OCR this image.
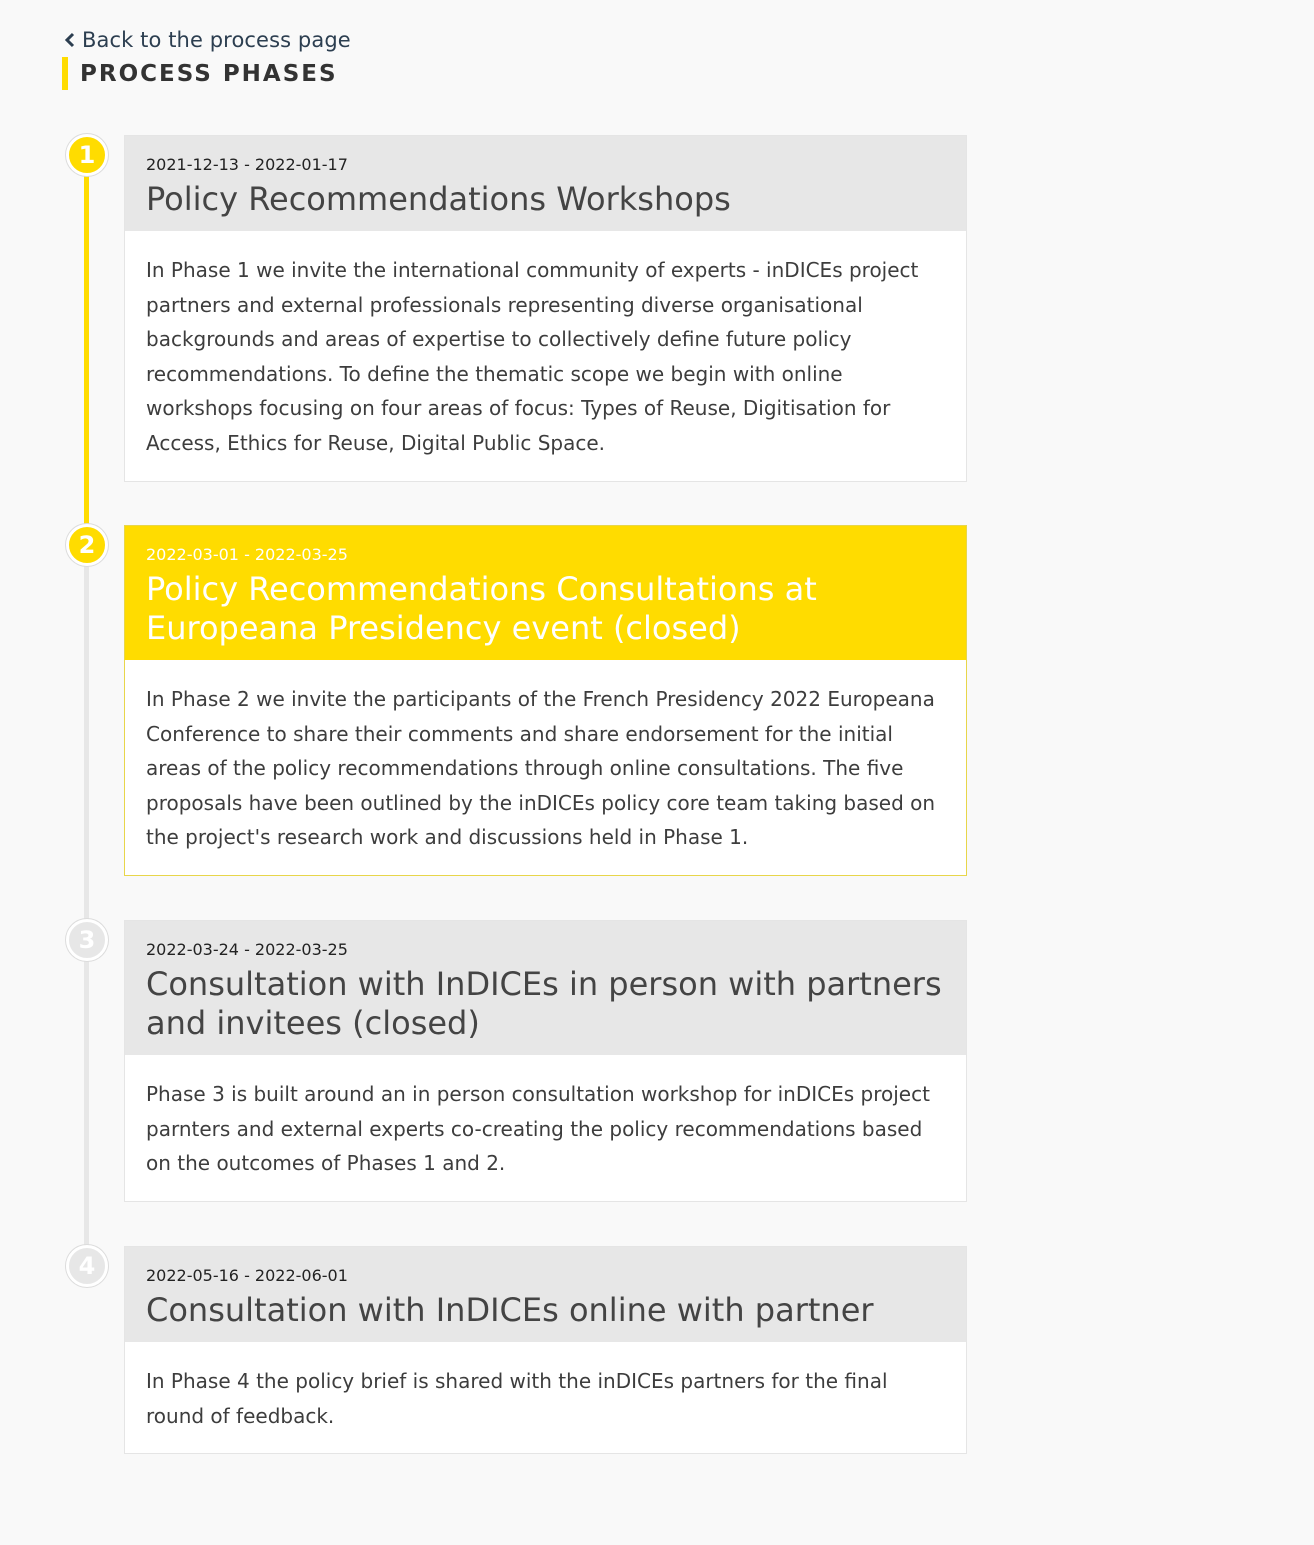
Back to the process page
PROCESS PHASES
1	2021-12-13 - 2022-01-17
Policy Recommendations Workshops

In Phase 1 we invite the international community of experts - inDICEs project partners and external professionals representing diverse organisational backgrounds and areas of expertise to collectively define future policy recommendations. To define the thematic scope we begin with online workshops focusing on four areas of focus: Types of Reuse, Digitisation for Access, Ethics for Reuse, Digital Public Space.

2	2022-03-01 - 2022-03-25
Policy Recommendations Consultations at Europeana Presidency event (closed)

In Phase 2 we invite the participants of the French Presidency 2022 Europeana Conference to share their comments and share endorsement for the initial areas of the policy recommendations through online consultations. The five proposals have been outlined by the inDICEs policy core team taking based on the project's research work and discussions held in Phase 1.

3	2022-03-24 - 2022-03-25
Consultation with InDICEs in person with partners and invitees (closed)

Phase 3 is built around an in person consultation workshop for inDICEs project parnters and external experts co-creating the policy recommendations based on the outcomes of Phases 1 and 2.

4	2022-05-16 - 2022-06-01
Consultation with InDICEs online with partner

In Phase 4 the policy brief is shared with the inDICEs partners for the final round of feedback.
